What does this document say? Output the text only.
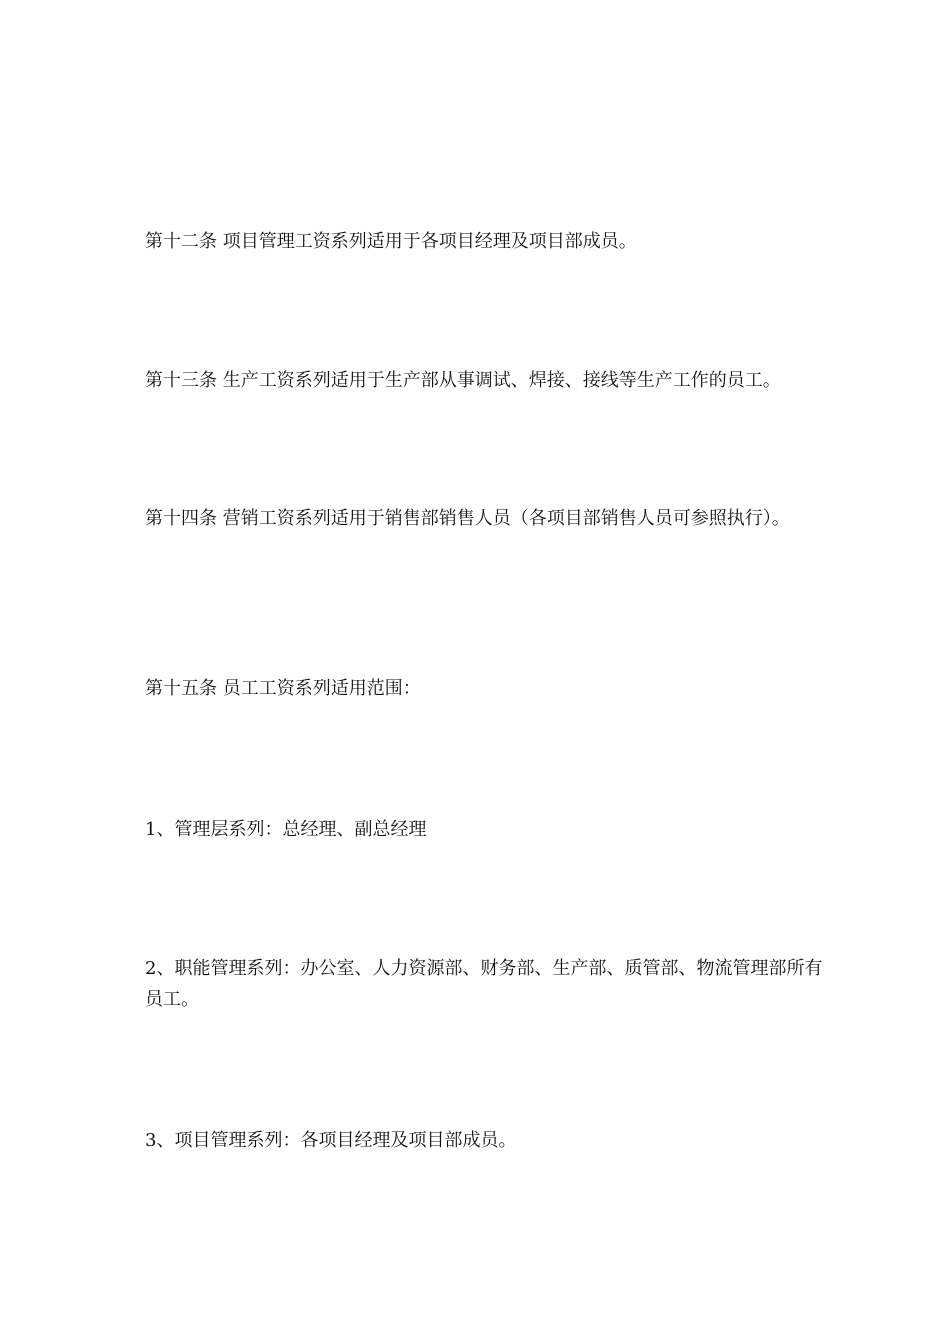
第十二条 项目管理工资系列适用于各项目经理及项目部成员。

第十三条 生产工资系列适用于生产部从事调试、焊接、接线等生产工作的员工。

第十四条 营销工资系列适用于销售部销售人员（各项目部销售人员可参照执行）。

第十五条 员工工资系列适用范围：

1、管理层系列：总经理、副总经理

2、职能管理系列：办公室、人力资源部、财务部、生产部、质管部、物流管理部所有员工。

3、项目管理系列：各项目经理及项目部成员。
